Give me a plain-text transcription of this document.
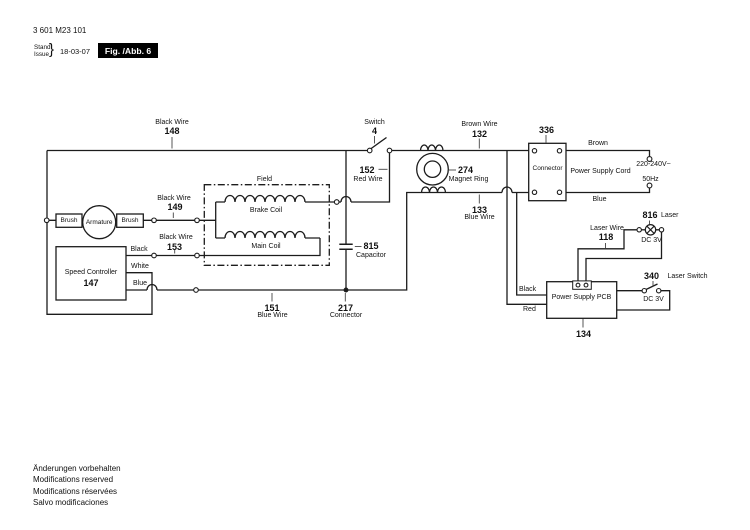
3 601 M23 101
Stand
Issue } 18-03-07	Fig. /Abb. 6
Black Wire
148
Switch
4
Brown Wire
132	336
Connector
152
Red Wire
274
Magnet Ring
133
Blue Wire
Black Wire
149
Black Wire
153
Field
Brake Coil
Main Coil
Brush	Armature	Brush
Speed Controller
147
Black
White
Blue
151
Blue Wire
217
Connector
815
Capacitor
Brown
Power Supply Cord
220-240V~
50Hz
Blue
Laser Wire
118
816 Laser
DC 3V
340 Laser Switch
DC 3V
Power Supply PCB
Black
Red
134
Änderungen vorbehalten
Modifications reserved
Modifications réservées
Salvo modificaciones
